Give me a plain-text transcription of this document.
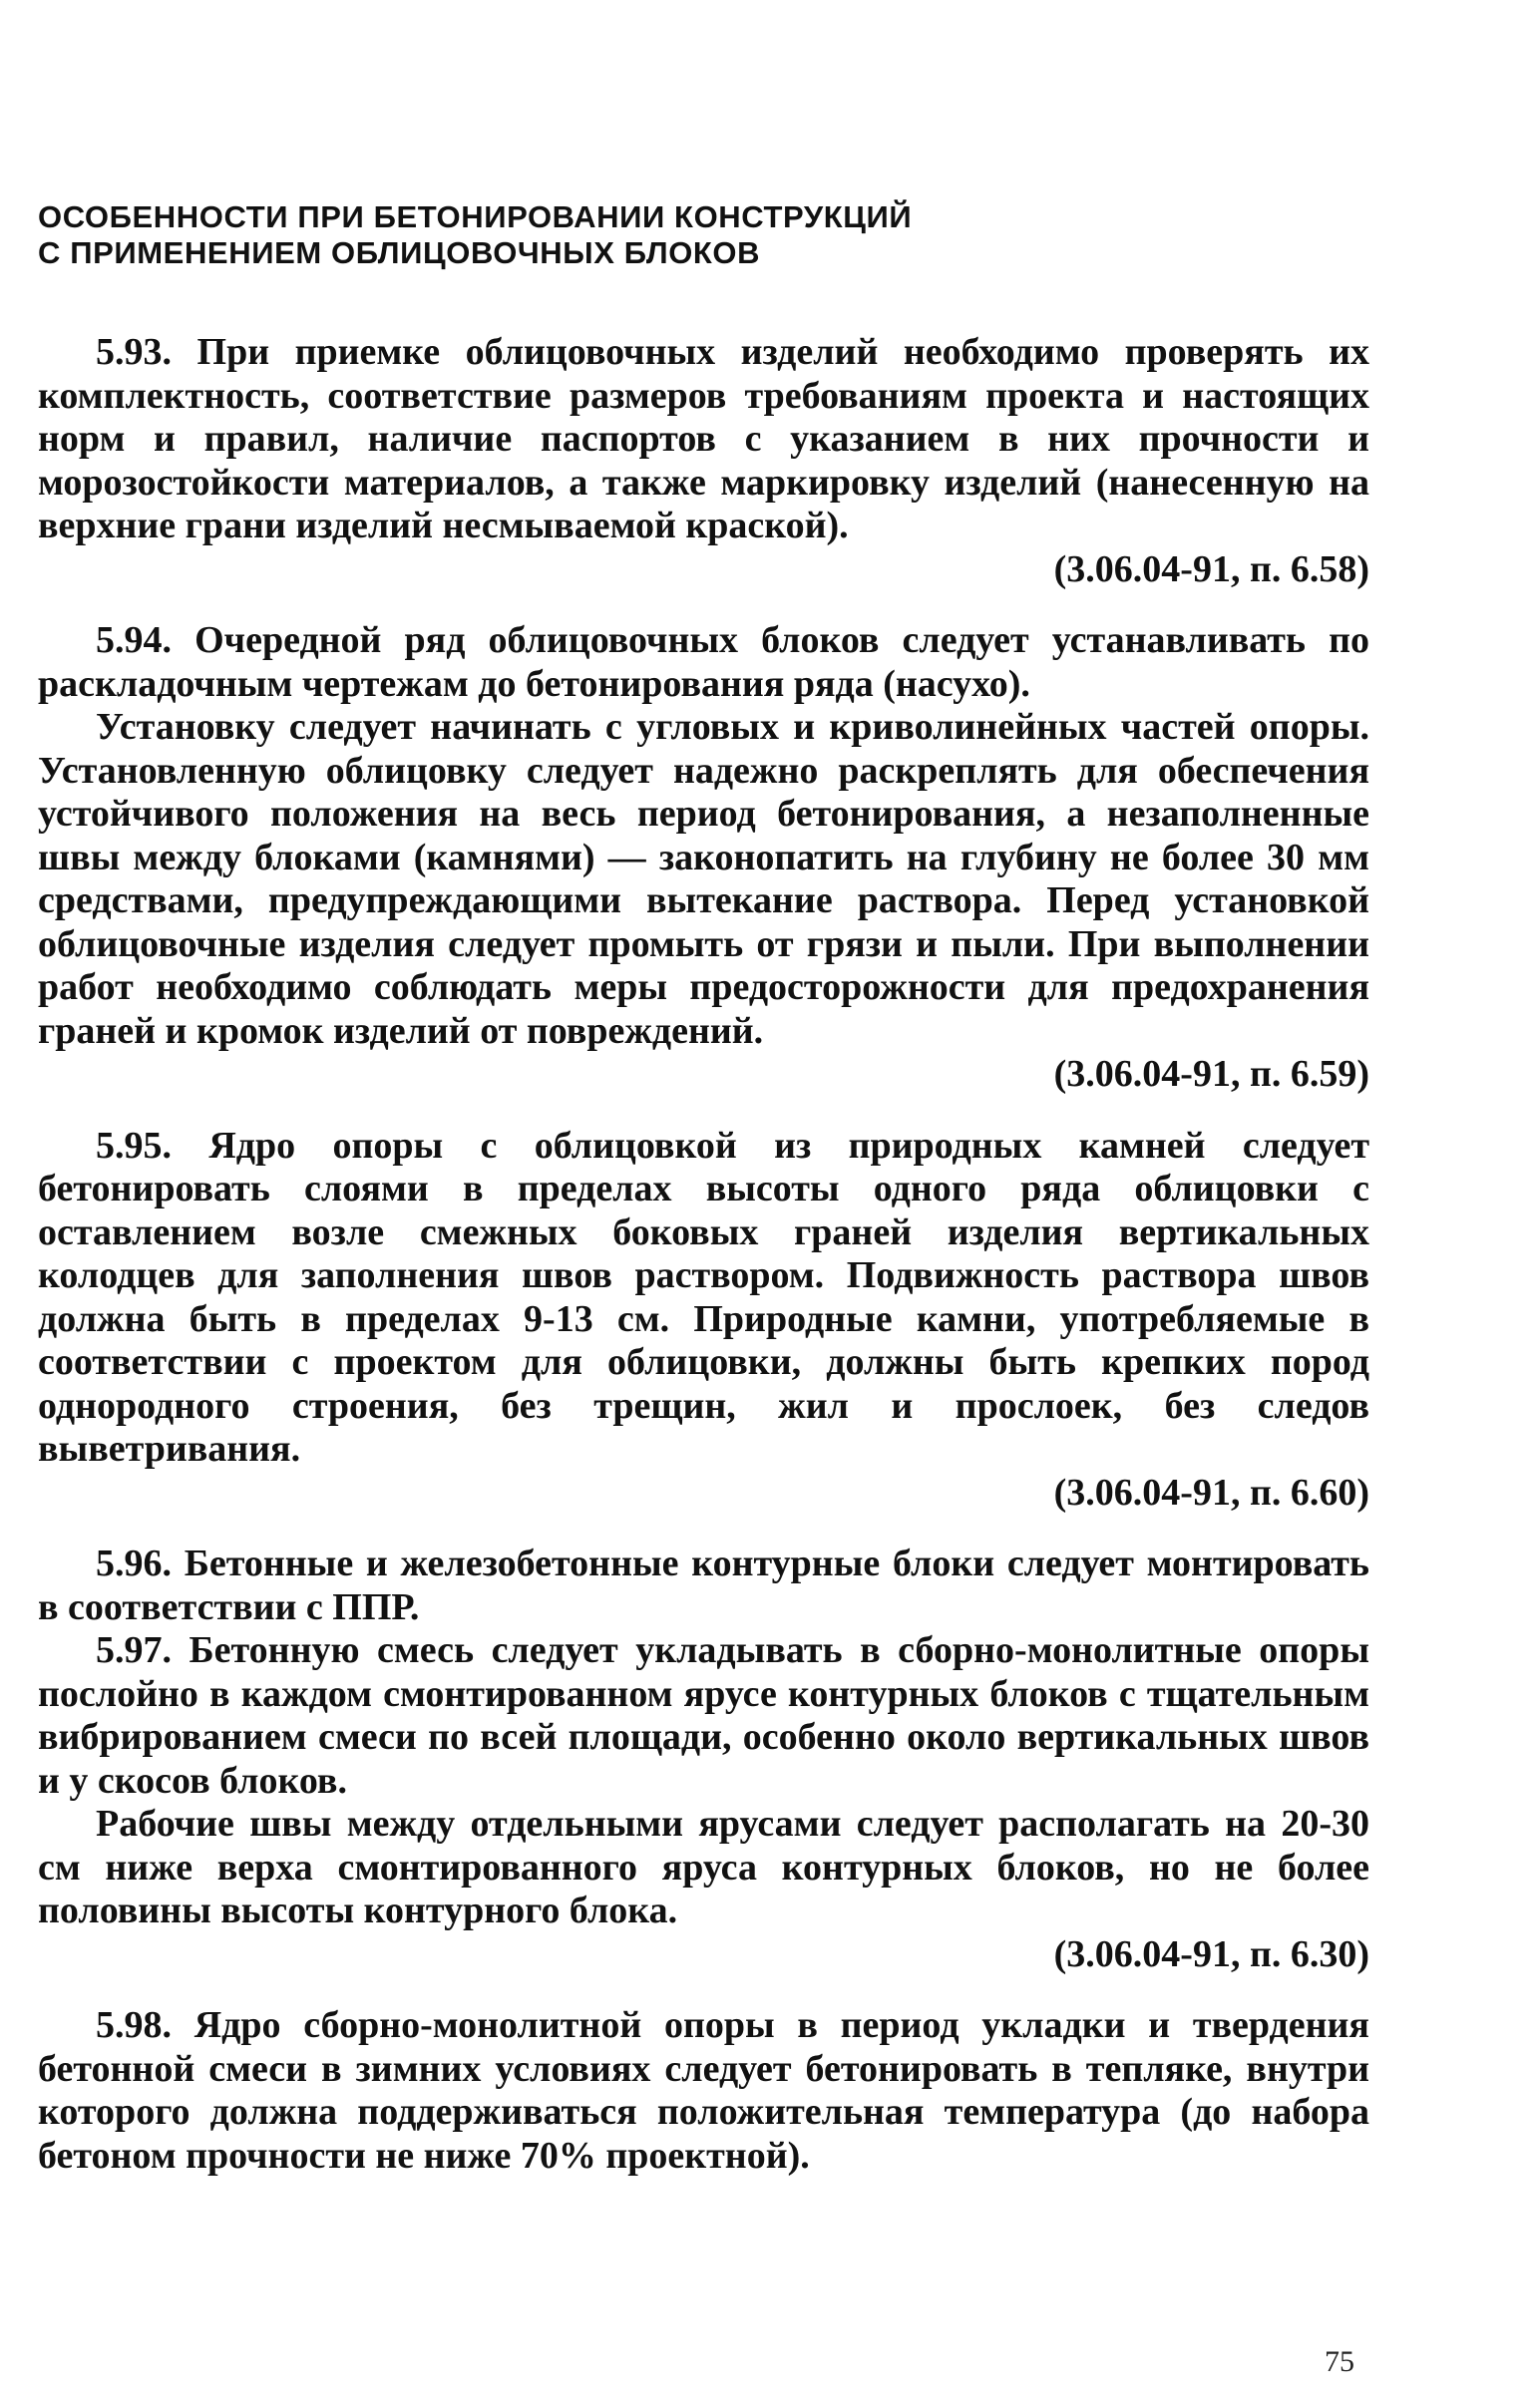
ОСОБЕННОСТИ ПРИ БЕТОНИРОВАНИИ КОНСТРУКЦИЙ
С ПРИМЕНЕНИЕМ ОБЛИЦОВОЧНЫХ БЛОКОВ

5.93. При приемке облицовочных изделий необходимо проверять их комплектность, соответствие размеров требованиям проекта и настоящих норм и правил, наличие паспортов с указанием в них прочности и морозостойкости материалов, а также маркировку изделий (нанесенную на верхние грани изделий несмываемой краской).

(3.06.04-91, п. 6.58)

5.94. Очередной ряд облицовочных блоков следует устанавливать по раскладочным чертежам до бетонирования ряда (насухо).

Установку следует начинать с угловых и криволинейных частей опоры. Установленную облицовку следует надежно раскреплять для обеспечения устойчивого положения на весь период бетонирования, а незаполненные швы между блоками (камнями) — законопатить на глубину не более 30 мм средствами, предупреждающими вытекание раствора. Перед установкой облицовочные изделия следует промыть от грязи и пыли. При выполнении работ необходимо соблюдать меры предосторожности для предохранения граней и кромок изделий от повреждений.

(3.06.04-91, п. 6.59)

5.95. Ядро опоры с облицовкой из природных камней следует бетонировать слоями в пределах высоты одного ряда облицовки с оставлением возле смежных боковых граней изделия вертикальных колодцев для заполнения швов раствором. Подвижность раствора швов должна быть в пределах 9-13 см. Природные камни, употребляемые в соответствии с проектом для облицовки, должны быть крепких пород однородного строения, без трещин, жил и прослоек, без следов выветривания.

(3.06.04-91, п. 6.60)

5.96. Бетонные и железобетонные контурные блоки следует монтировать в соответствии с ППР.

5.97. Бетонную смесь следует укладывать в сборно-монолитные опоры послойно в каждом смонтированном ярусе контурных блоков с тщательным вибрированием смеси по всей площади, особенно около вертикальных швов и у скосов блоков.

Рабочие швы между отдельными ярусами следует располагать на 20-30 см ниже верха смонтированного яруса контурных блоков, но не более половины высоты контурного блока.

(3.06.04-91, п. 6.30)

5.98. Ядро сборно-монолитной опоры в период укладки и твердения бетонной смеси в зимних условиях следует бетонировать в тепляке, внутри которого должна поддерживаться положительная температура (до набора бетоном прочности не ниже 70% проектной).

75
